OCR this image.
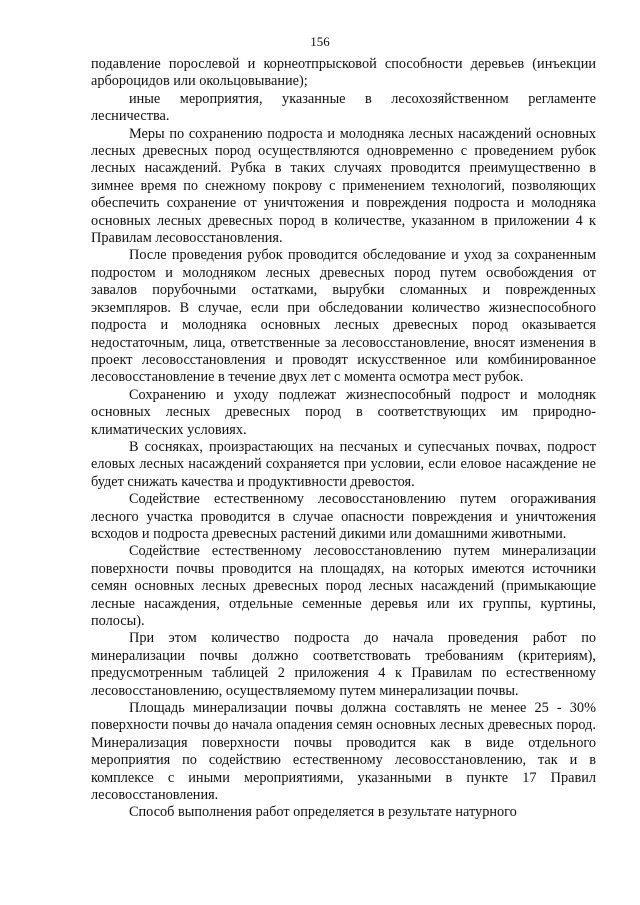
156

подавление порослевой и корнеотпрысковой способности деревьев (инъекции арбороцидов или окольцовывание);

иные мероприятия, указанные в лесохозяйственном регламенте лесничества.

Меры по сохранению подроста и молодняка лесных насаждений основных лесных древесных пород осуществляются одновременно с проведением рубок лесных насаждений. Рубка в таких случаях проводится преимущественно в зимнее время по снежному покрову с применением технологий, позволяющих обеспечить сохранение от уничтожения и повреждения подроста и молодняка основных лесных древесных пород в количестве, указанном в приложении 4 к Правилам лесовосстановления.

После проведения рубок проводится обследование и уход за сохраненным подростом и молодняком лесных древесных пород путем освобождения от завалов порубочными остатками, вырубки сломанных и поврежденных экземпляров. В случае, если при обследовании количество жизнеспособного подроста и молодняка основных лесных древесных пород оказывается недостаточным, лица, ответственные за лесовосстановление, вносят изменения в проект лесовосстановления и проводят искусственное или комбинированное лесовосстановление в течение двух лет с момента осмотра мест рубок.

Сохранению и уходу подлежат жизнеспособный подрост и молодняк основных лесных древесных пород в соответствующих им природно-климатических условиях.

В сосняках, произрастающих на песчаных и супесчаных почвах, подрост еловых лесных насаждений сохраняется при условии, если еловое насаждение не будет снижать качества и продуктивности древостоя.

Содействие естественному лесовосстановлению путем огораживания лесного участка проводится в случае опасности повреждения и уничтожения всходов и подроста древесных растений дикими или домашними животными.

Содействие естественному лесовосстановлению путем минерализации поверхности почвы проводится на площадях, на которых имеются источники семян основных лесных древесных пород лесных насаждений (примыкающие лесные насаждения, отдельные семенные деревья или их группы, куртины, полосы).

При этом количество подроста до начала проведения работ по минерализации почвы должно соответствовать требованиям (критериям), предусмотренным таблицей 2 приложения 4 к Правилам по естественному лесовосстановлению, осуществляемому путем минерализации почвы.

Площадь минерализации почвы должна составлять не менее 25 - 30% поверхности почвы до начала опадения семян основных лесных древесных пород. Минерализация поверхности почвы проводится как в виде отдельного мероприятия по содействию естественному лесовосстановлению, так и в комплексе с иными мероприятиями, указанными в пункте 17 Правил лесовосстановления.

Способ выполнения работ определяется в результате натурного
